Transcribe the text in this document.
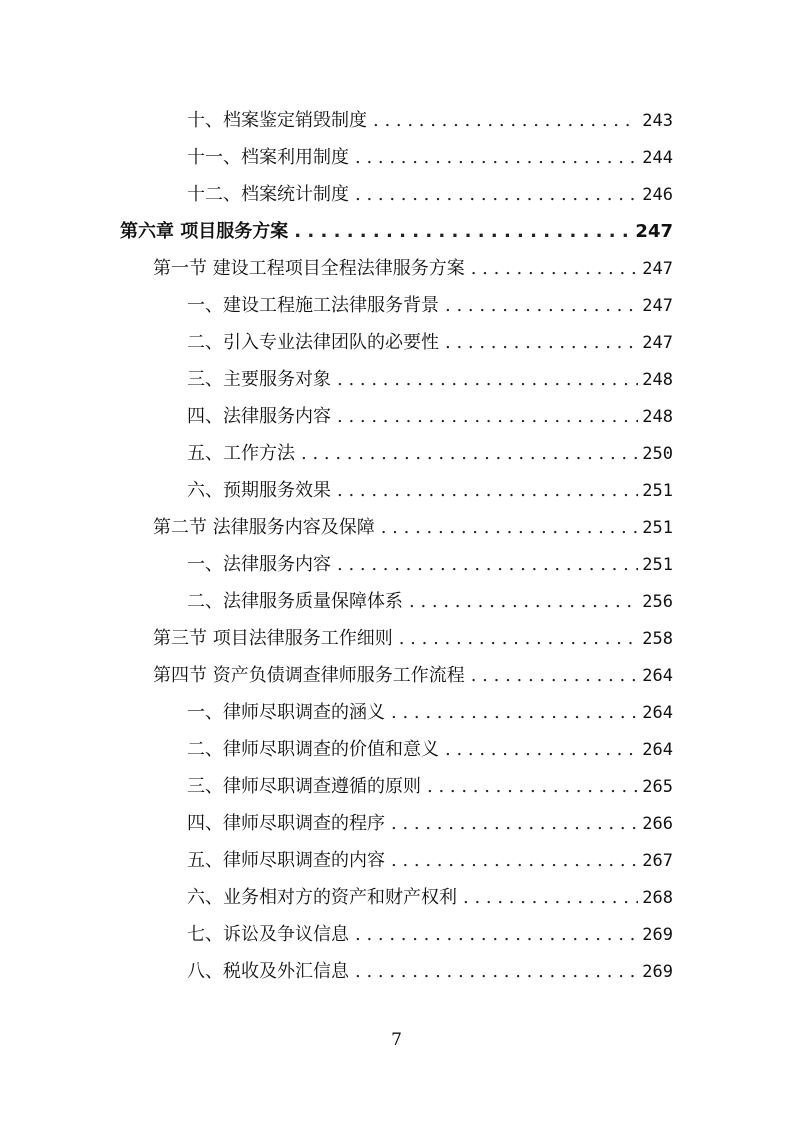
十、档案鉴定销毁制度 . . .	243
十一、档案利用制度 . . .	244
十二、档案统计制度 . . .	246
第六章 项目服务方案 . . .	247
第一节 建设工程项目全程法律服务方案 . . .	247
一、建设工程施工法律服务背景 . . .	247
二、引入专业法律团队的必要性 . . .	247
三、主要服务对象 . . .	248
四、法律服务内容 . . .	248
五、工作方法 . . .	250
六、预期服务效果 . . .	251
第二节 法律服务内容及保障 . . .	251
一、法律服务内容 . . .	251
二、法律服务质量保障体系 . . .	256
第三节 项目法律服务工作细则 . . .	258
第四节 资产负债调查律师服务工作流程 . . .	264
一、律师尽职调查的涵义 . . .	264
二、律师尽职调查的价值和意义 . . .	264
三、律师尽职调查遵循的原则 . . .	265
四、律师尽职调查的程序 . . .	266
五、律师尽职调查的内容 . . .	267
六、业务相对方的资产和财产权利 . . .	268
七、诉讼及争议信息 . . .	269
八、税收及外汇信息 . . .	269
7
